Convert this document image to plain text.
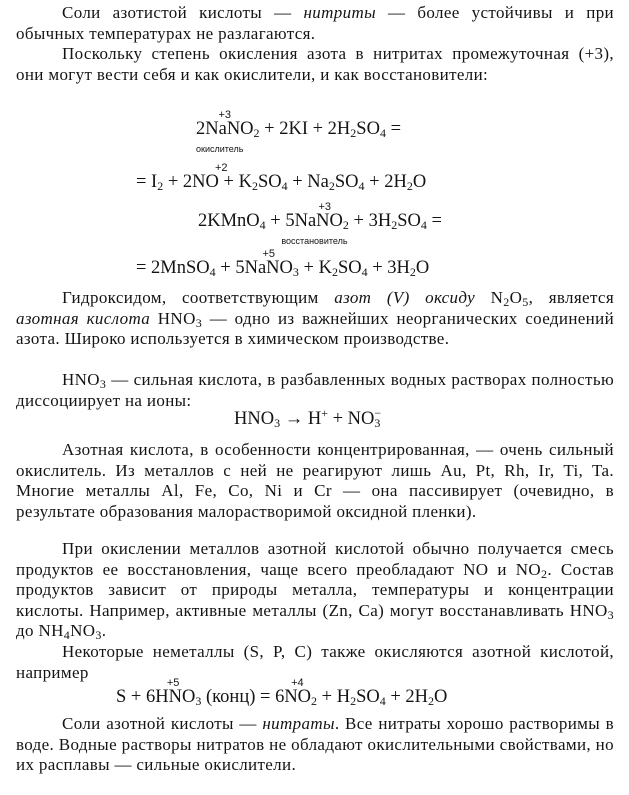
Соли азотистой кислоты — нитриты — более устойчивы и при обычных температурах не разлагаются.
Поскольку степень окисления азота в нитритах промежуточная (+3), они могут вести себя и как окислители, и как восстановители:
+3
2NaNO
окислитель
$_2 + 2KI + 2H_2SO_4$ =
= $I_2 + 2NO + K_2SO_4 + Na_2SO_4 + 2H_2O$
+2
2KMnO$_4$ +
+3
5NaNO$_2$
восстановитель
+ $3H_2SO_4$ =
= 2MnSO$_4$ +
+5
5NaNO$_3$ + $K_2SO_4 + 3H_2O$
Гидроксидом, соответствующим азот (V) оксиду $N_2O_5$, является азотная кислота $HNO_3$ — одно из важнейших неорганических соединений азота. Широко используется в химическом производстве.
$HNO_3$ — сильная кислота, в разбавленных водных растворах полностью диссоциирует на ионы:
$HNO_3 \to H^+ + NO_3^-$
Азотная кислота, в особенности концентрированная, — очень сильный окислитель. Из металлов с ней не реагируют лишь Au, Pt, Rh, Ir, Ti, Ta. Многие металлы Al, Fe, Co, Ni и Cr — она пассивирует (очевидно, в результате образования малорастворимой оксидной пленки).
При окислении металлов азотной кислотой обычно получается смесь продуктов ее восстановления, чаще всего преобладают NO и $NO_2$. Состав продуктов зависит от природы металла, температуры и концентрации кислоты. Например, активные металлы (Zn, Ca) могут восстанавливать $HNO_3$ до $NH_4NO_3$.
Некоторые неметаллы (S, P, C) также окисляются азотной кислотой, например
S +
+5
$6HNO_3$ (конц) =
+4
$6NO_2 + H_2SO_4 + 2H_2O$
Соли азотной кислоты — нитраты. Все нитраты хорошо растворимы в воде. Водные растворы нитратов не обладают окислительными свойствами, но их расплавы — сильные окислители.
